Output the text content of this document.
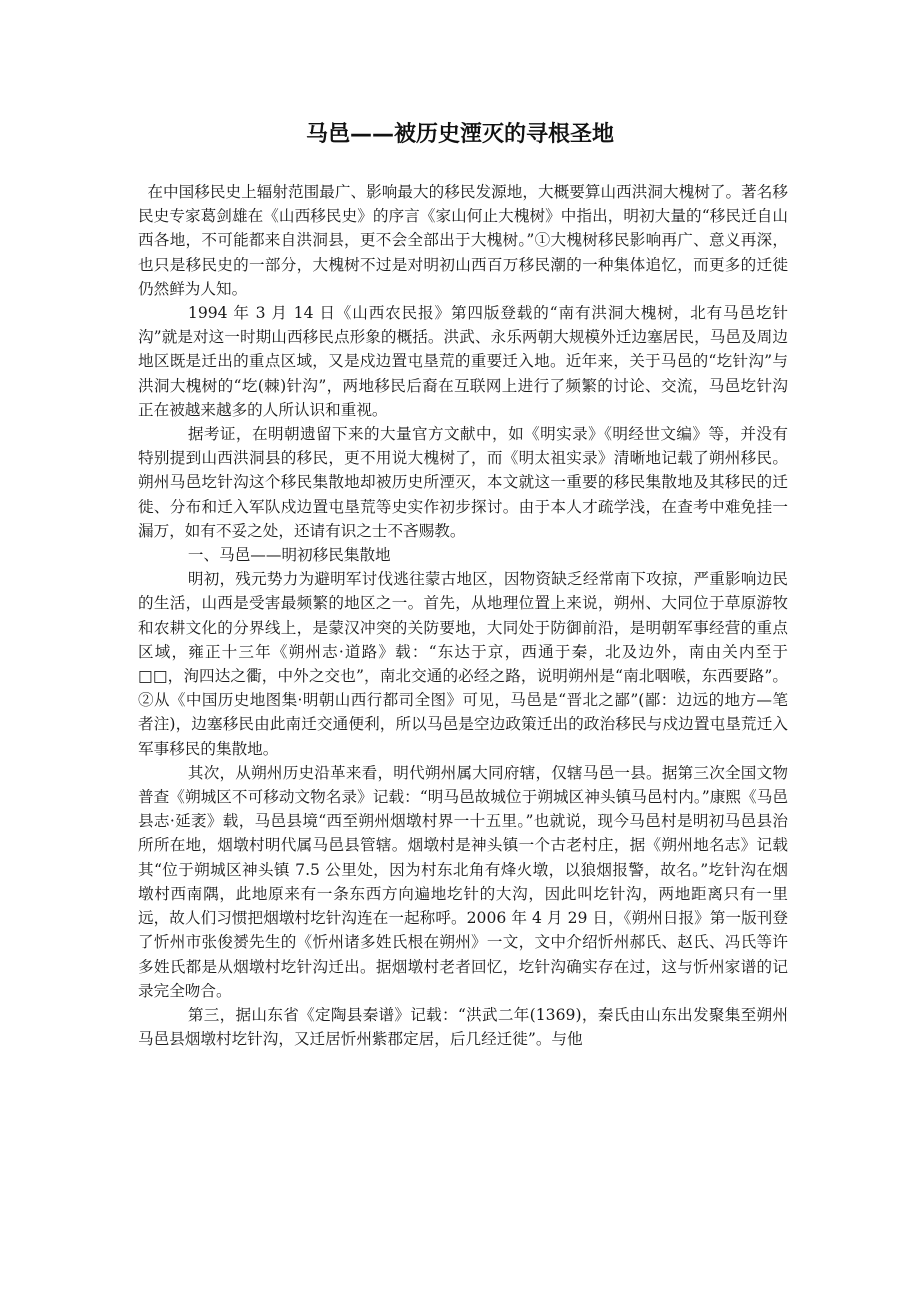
马邑——被历史湮灭的寻根圣地

在中国移民史上辐射范围最广、影响最大的移民发源地，大概要算山西洪洞大槐树了。著名移民史专家葛剑雄在《山西移民史》的序言《家山何止大槐树》中指出，明初大量的“移民迁自山西各地，不可能都来自洪洞县，更不会全部出于大槐树。”①大槐树移民影响再广、意义再深，也只是移民史的一部分，大槐树不过是对明初山西百万移民潮的一种集体追忆，而更多的迁徙仍然鲜为人知。

1994 年 3 月 14 日《山西农民报》第四版登载的“南有洪洞大槐树，北有马邑圪针沟”就是对这一时期山西移民点形象的概括。洪武、永乐两朝大规模外迁边塞居民，马邑及周边地区既是迁出的重点区域，又是戍边置屯垦荒的重要迁入地。近年来，关于马邑的“圪针沟”与洪洞大槐树的“圪(棘)针沟”，两地移民后裔在互联网上进行了频繁的讨论、交流，马邑圪针沟正在被越来越多的人所认识和重视。

据考证，在明朝遗留下来的大量官方文献中，如《明实录》《明经世文编》等，并没有特别提到山西洪洞县的移民，更不用说大槐树了，而《明太祖实录》清晰地记载了朔州移民。朔州马邑圪针沟这个移民集散地却被历史所湮灭，本文就这一重要的移民集散地及其移民的迁徙、分布和迁入军队戍边置屯垦荒等史实作初步探讨。由于本人才疏学浅，在查考中难免挂一漏万，如有不妥之处，还请有识之士不吝赐教。

一、马邑——明初移民集散地

明初，残元势力为避明军讨伐逃往蒙古地区，因物资缺乏经常南下攻掠，严重影响边民的生活，山西是受害最频繁的地区之一。首先，从地理位置上来说，朔州、大同位于草原游牧和农耕文化的分界线上，是蒙汉冲突的关防要地，大同处于防御前沿，是明朝军事经营的重点区域，雍正十三年《朔州志·道路》载：“东达于京，西通于秦，北及边外，南由关内至于□□，洵四达之衢，中外之交也”，南北交通的必经之路，说明朔州是“南北咽喉，东西要路”。②从《中国历史地图集·明朝山西行都司全图》可见，马邑是“晋北之鄙”(鄙：边远的地方—笔者注)，边塞移民由此南迁交通便利，所以马邑是空边政策迁出的政治移民与戍边置屯垦荒迁入军事移民的集散地。

其次，从朔州历史沿革来看，明代朔州属大同府辖，仅辖马邑一县。据第三次全国文物普查《朔城区不可移动文物名录》记载：“明马邑故城位于朔城区神头镇马邑村内。”康熙《马邑县志·延袤》载，马邑县境“西至朔州烟墩村界一十五里。”也就说，现今马邑村是明初马邑县治所所在地，烟墩村明代属马邑县管辖。烟墩村是神头镇一个古老村庄，据《朔州地名志》记载其“位于朔城区神头镇 7.5 公里处，因为村东北角有烽火墩，以狼烟报警，故名。”圪针沟在烟墩村西南隅，此地原来有一条东西方向遍地圪针的大沟，因此叫圪针沟，两地距离只有一里远，故人们习惯把烟墩村圪针沟连在一起称呼。2006 年 4 月 29 日，《朔州日报》第一版刊登了忻州市张俊赟先生的《忻州诸多姓氏根在朔州》一文，文中介绍忻州郝氏、赵氏、冯氏等许多姓氏都是从烟墩村圪针沟迁出。据烟墩村老者回忆，圪针沟确实存在过，这与忻州家谱的记录完全吻合。

第三，据山东省《定陶县秦谱》记载：“洪武二年(1369)，秦氏由山东出发聚集至朔州马邑县烟墩村圪针沟，又迁居忻州紫郡定居，后几经迁徙”。与他
